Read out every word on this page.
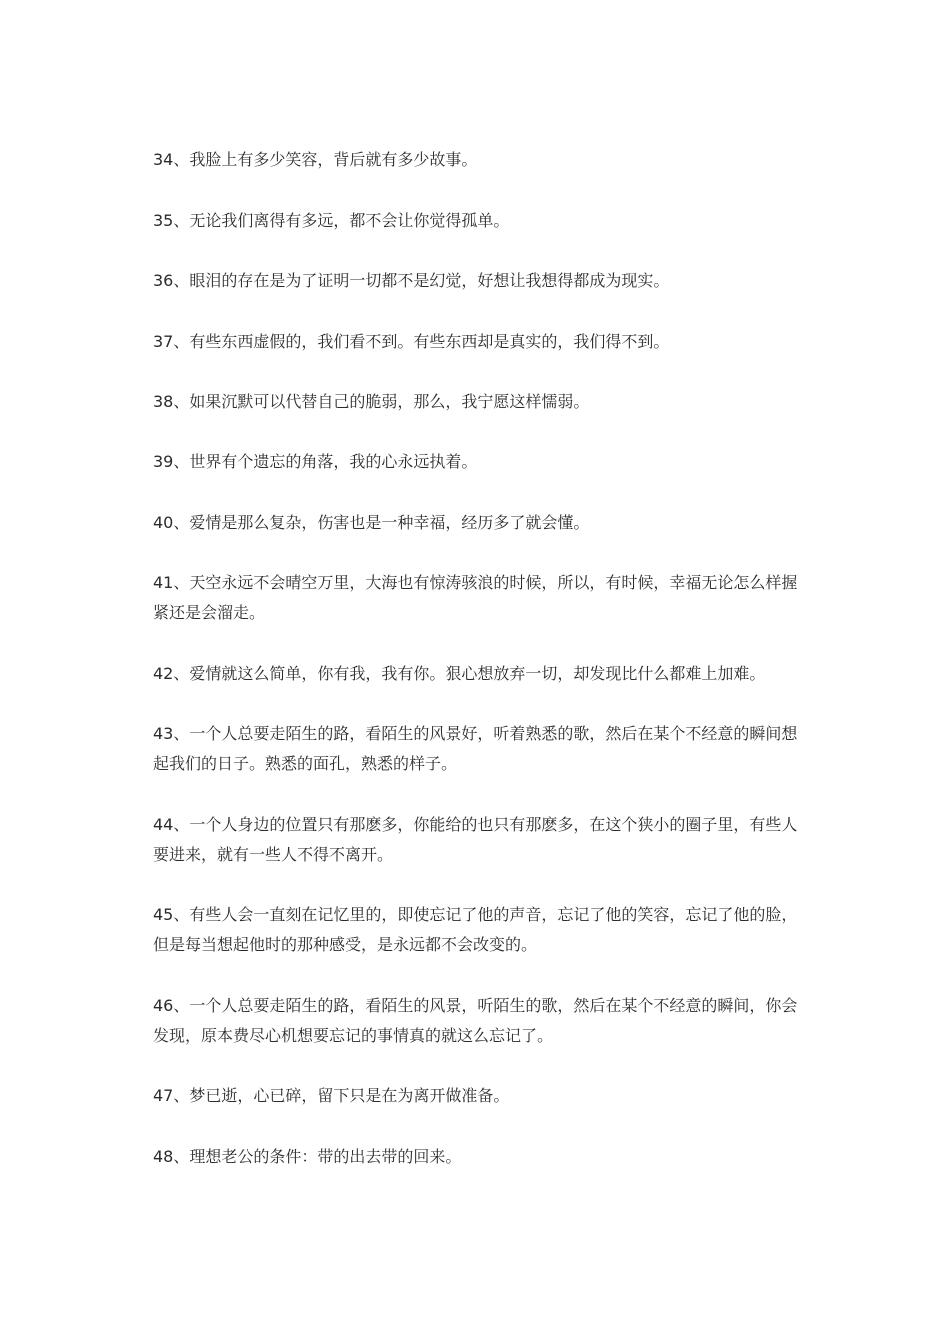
34、我脸上有多少笑容，背后就有多少故事。

35、无论我们离得有多远，都不会让你觉得孤单。

36、眼泪的存在是为了证明一切都不是幻觉，好想让我想得都成为现实。

37、有些东西虚假的，我们看不到。有些东西却是真实的，我们得不到。

38、如果沉默可以代替自己的脆弱，那么，我宁愿这样懦弱。

39、世界有个遗忘的角落，我的心永远执着。

40、爱情是那么复杂，伤害也是一种幸福，经历多了就会懂。

41、天空永远不会晴空万里，大海也有惊涛骇浪的时候，所以，有时候，幸福无论怎么样握紧还是会溜走。

42、爱情就这么简单，你有我，我有你。狠心想放弃一切，却发现比什么都难上加难。

43、一个人总要走陌生的路，看陌生的风景好，听着熟悉的歌，然后在某个不经意的瞬间想起我们的日子。熟悉的面孔，熟悉的样子。

44、一个人身边的位置只有那麽多，你能给的也只有那麽多，在这个狭小的圈子里，有些人要进来，就有一些人不得不离开。

45、有些人会一直刻在记忆里的，即使忘记了他的声音，忘记了他的笑容，忘记了他的脸，但是每当想起他时的那种感受，是永远都不会改变的。

46、一个人总要走陌生的路，看陌生的风景，听陌生的歌，然后在某个不经意的瞬间，你会发现，原本费尽心机想要忘记的事情真的就这么忘记了。

47、梦已逝，心已碎，留下只是在为离开做准备。

48、理想老公的条件：带的出去带的回来。
